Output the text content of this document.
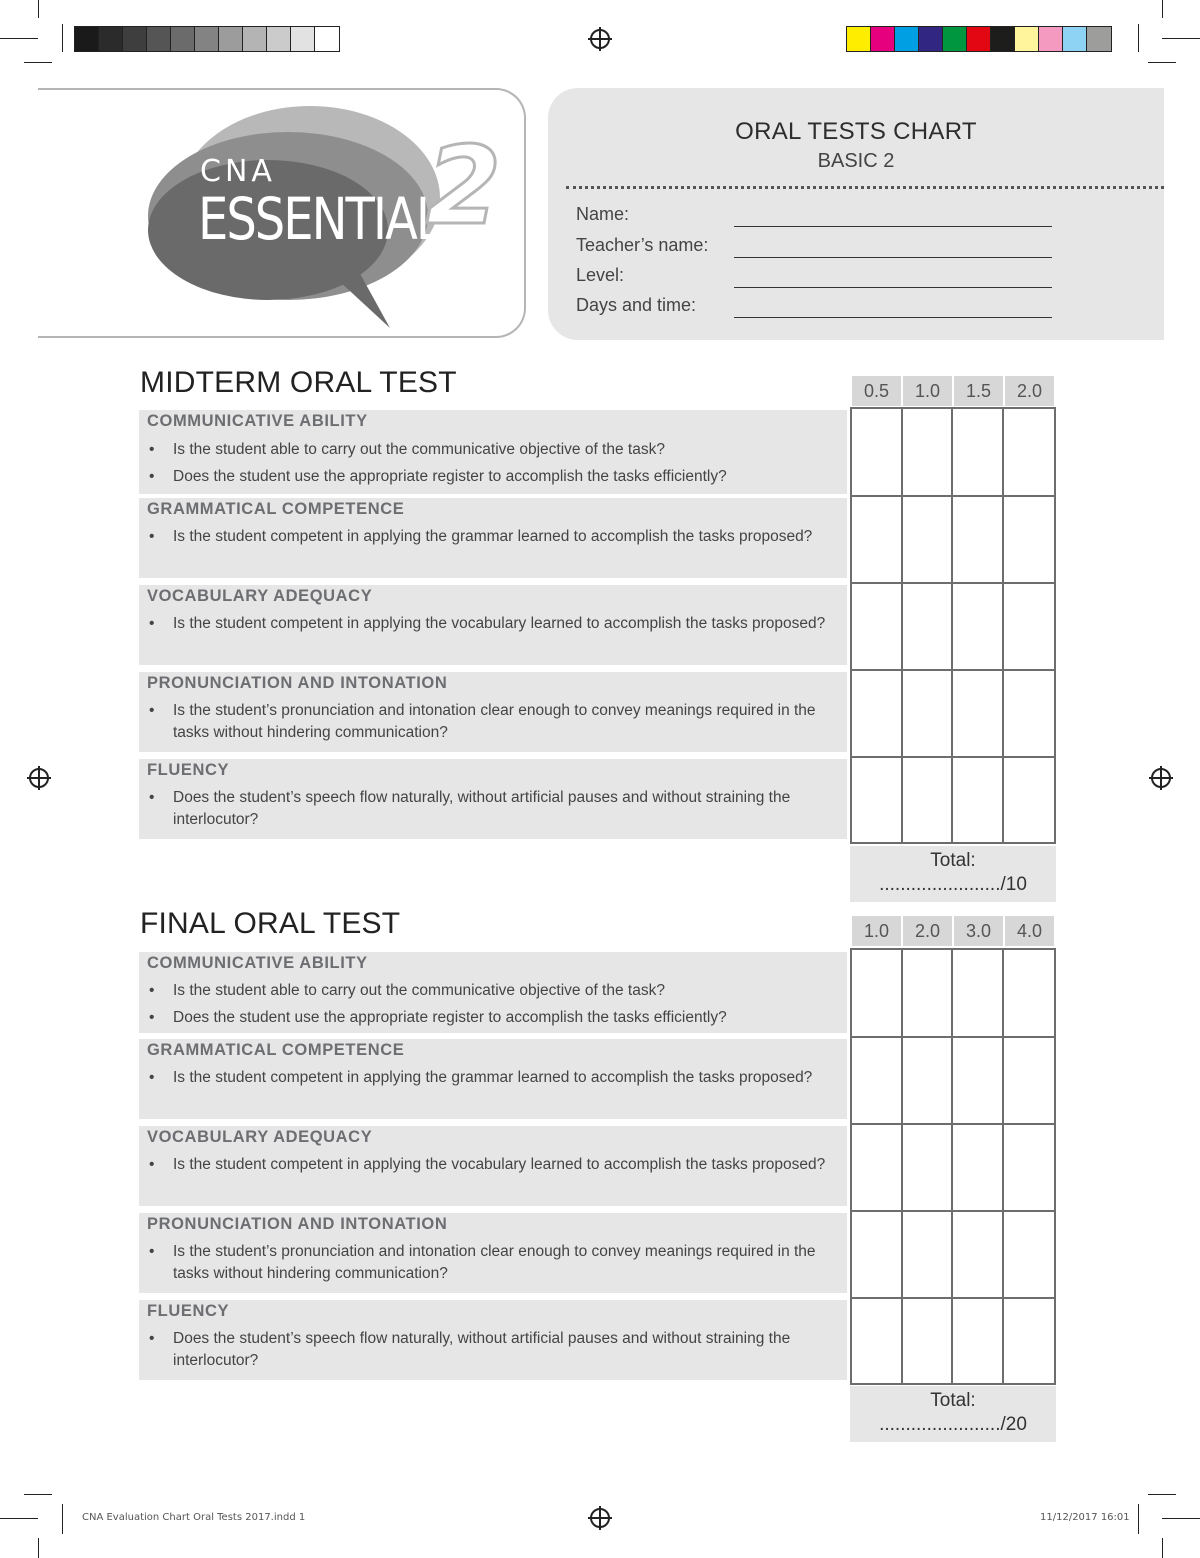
CNA
ESSENTIALS
2	ORAL TESTS CHART
BASIC 2
Name:
Teacher’s name:
Level:
Days and time:
MIDTERM ORAL TEST	0.5	1.0	1.5	2.0
COMMUNICATIVE ABILITY
• Is the student able to carry out the communicative objective of the task?
• Does the student use the appropriate register to accomplish the tasks efficiently?
GRAMMATICAL COMPETENCE
• Is the student competent in applying the grammar learned to accomplish the tasks proposed?
VOCABULARY ADEQUACY
• Is the student competent in applying the vocabulary learned to accomplish the tasks proposed?
PRONUNCIATION AND INTONATION
• Is the student’s pronunciation and intonation clear enough to convey meanings required in the tasks without hindering communication?
FLUENCY
• Does the student’s speech flow naturally, without artificial pauses and without straining the interlocutor?
Total:
......................./10
FINAL ORAL TEST	1.0	2.0	3.0	4.0
COMMUNICATIVE ABILITY
• Is the student able to carry out the communicative objective of the task?
• Does the student use the appropriate register to accomplish the tasks efficiently?
GRAMMATICAL COMPETENCE
• Is the student competent in applying the grammar learned to accomplish the tasks proposed?
VOCABULARY ADEQUACY
• Is the student competent in applying the vocabulary learned to accomplish the tasks proposed?
PRONUNCIATION AND INTONATION
• Is the student’s pronunciation and intonation clear enough to convey meanings required in the tasks without hindering communication?
FLUENCY
• Does the student’s speech flow naturally, without artificial pauses and without straining the interlocutor?
Total:
......................./20
CNA Evaluation Chart Oral Tests 2017.indd 1	11/12/2017 16:01
